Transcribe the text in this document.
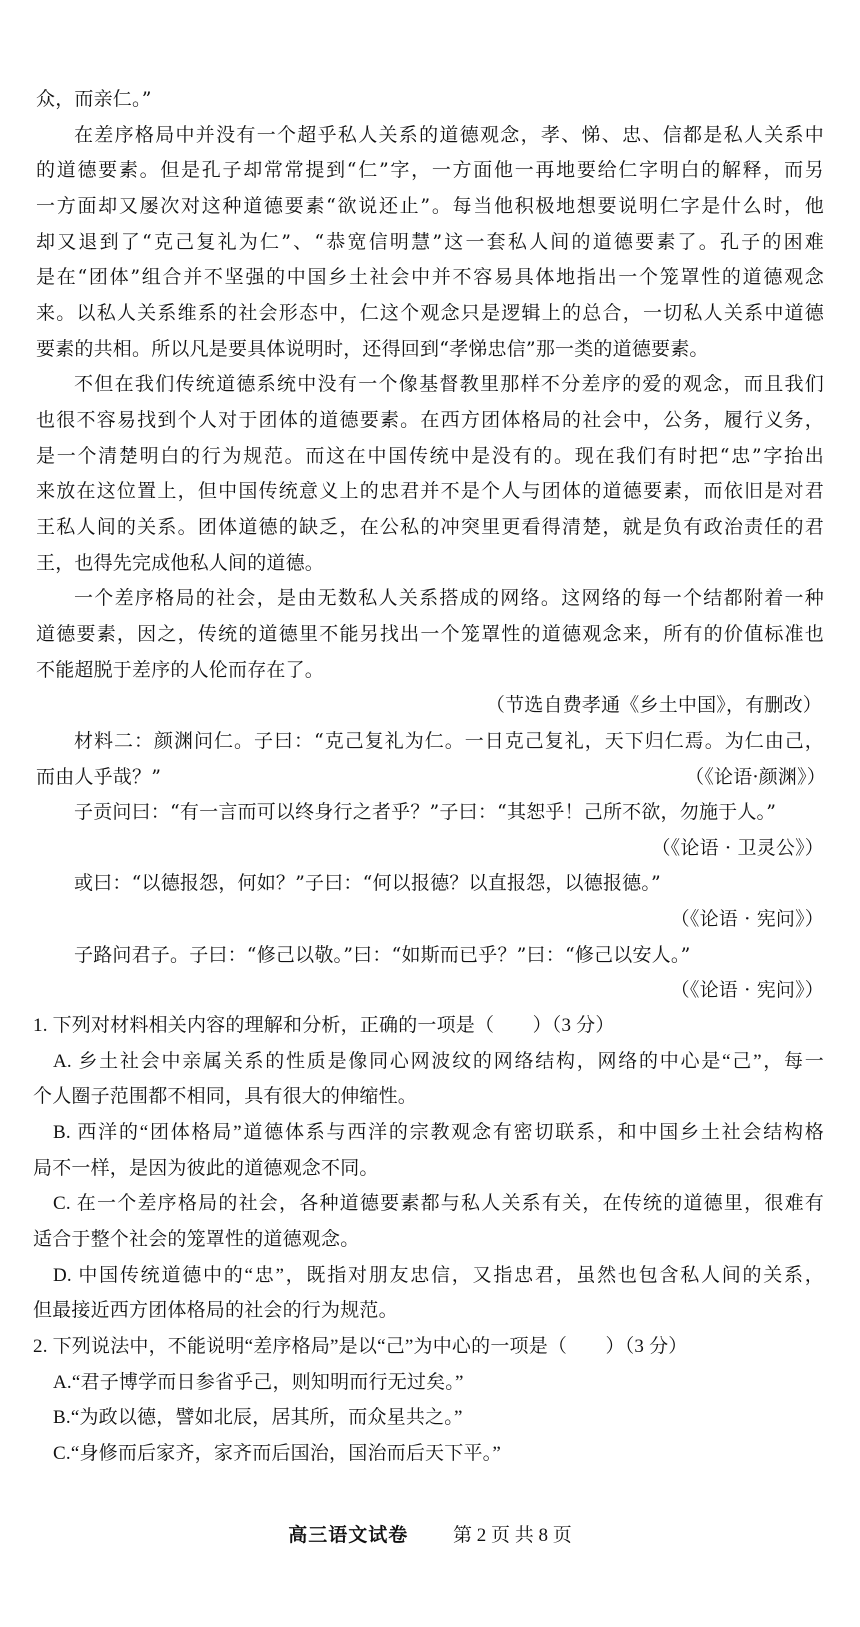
众，而亲仁。”
在差序格局中并没有一个超乎私人关系的道德观念，孝、悌、忠、信都是私人关系中
的道德要素。但是孔子却常常提到“仁”字，一方面他一再地要给仁字明白的解释，而另
一方面却又屡次对这种道德要素“欲说还止”。每当他积极地想要说明仁字是什么时，他
却又退到了“克己复礼为仁”、“恭宽信明慧”这一套私人间的道德要素了。孔子的困难
是在“团体”组合并不坚强的中国乡土社会中并不容易具体地指出一个笼罩性的道德观念
来。以私人关系维系的社会形态中，仁这个观念只是逻辑上的总合，一切私人关系中道德
要素的共相。所以凡是要具体说明时，还得回到“孝悌忠信”那一类的道德要素。
不但在我们传统道德系统中没有一个像基督教里那样不分差序的爱的观念，而且我们
也很不容易找到个人对于团体的道德要素。在西方团体格局的社会中，公务，履行义务，
是一个清楚明白的行为规范。而这在中国传统中是没有的。现在我们有时把“忠”字抬出
来放在这位置上，但中国传统意义上的忠君并不是个人与团体的道德要素，而依旧是对君
王私人间的关系。团体道德的缺乏，在公私的冲突里更看得清楚，就是负有政治责任的君
王，也得先完成他私人间的道德。
一个差序格局的社会，是由无数私人关系搭成的网络。这网络的每一个结都附着一种
道德要素，因之，传统的道德里不能另找出一个笼罩性的道德观念来，所有的价值标准也
不能超脱于差序的人伦而存在了。
（节选自费孝通《乡土中国》，有删改）
材料二：颜渊问仁。子曰：“克己复礼为仁。一日克己复礼，天下归仁焉。为仁由己，
而由人乎哉？”	（《论语·颜渊》）
子贡问曰：“有一言而可以终身行之者乎？”子曰：“其恕乎！己所不欲，勿施于人。”
（《论语 · 卫灵公》）
或曰：“以德报怨，何如？”子曰：“何以报德？以直报怨，以德报德。”
（《论语 · 宪问》）
子路问君子。子曰：“修己以敬。”曰：“如斯而已乎？”曰：“修己以安人。”
（《论语 · 宪问》）
1. 下列对材料相关内容的理解和分析，正确的一项是（　　）（3 分）
A. 乡土社会中亲属关系的性质是像同心网波纹的网络结构，网络的中心是“己”，每一
个人圈子范围都不相同，具有很大的伸缩性。
B. 西洋的“团体格局”道德体系与西洋的宗教观念有密切联系，和中国乡土社会结构格
局不一样，是因为彼此的道德观念不同。
C. 在一个差序格局的社会，各种道德要素都与私人关系有关，在传统的道德里，很难有
适合于整个社会的笼罩性的道德观念。
D. 中国传统道德中的“忠”，既指对朋友忠信，又指忠君，虽然也包含私人间的关系，
但最接近西方团体格局的社会的行为规范。
2. 下列说法中，不能说明“差序格局”是以“己”为中心的一项是（　　）（3 分）
A.“君子博学而日参省乎己，则知明而行无过矣。”
B.“为政以德，譬如北辰，居其所，而众星共之。”
C.“身修而后家齐，家齐而后国治，国治而后天下平。”
高三语文试卷 第 2 页 共 8 页
